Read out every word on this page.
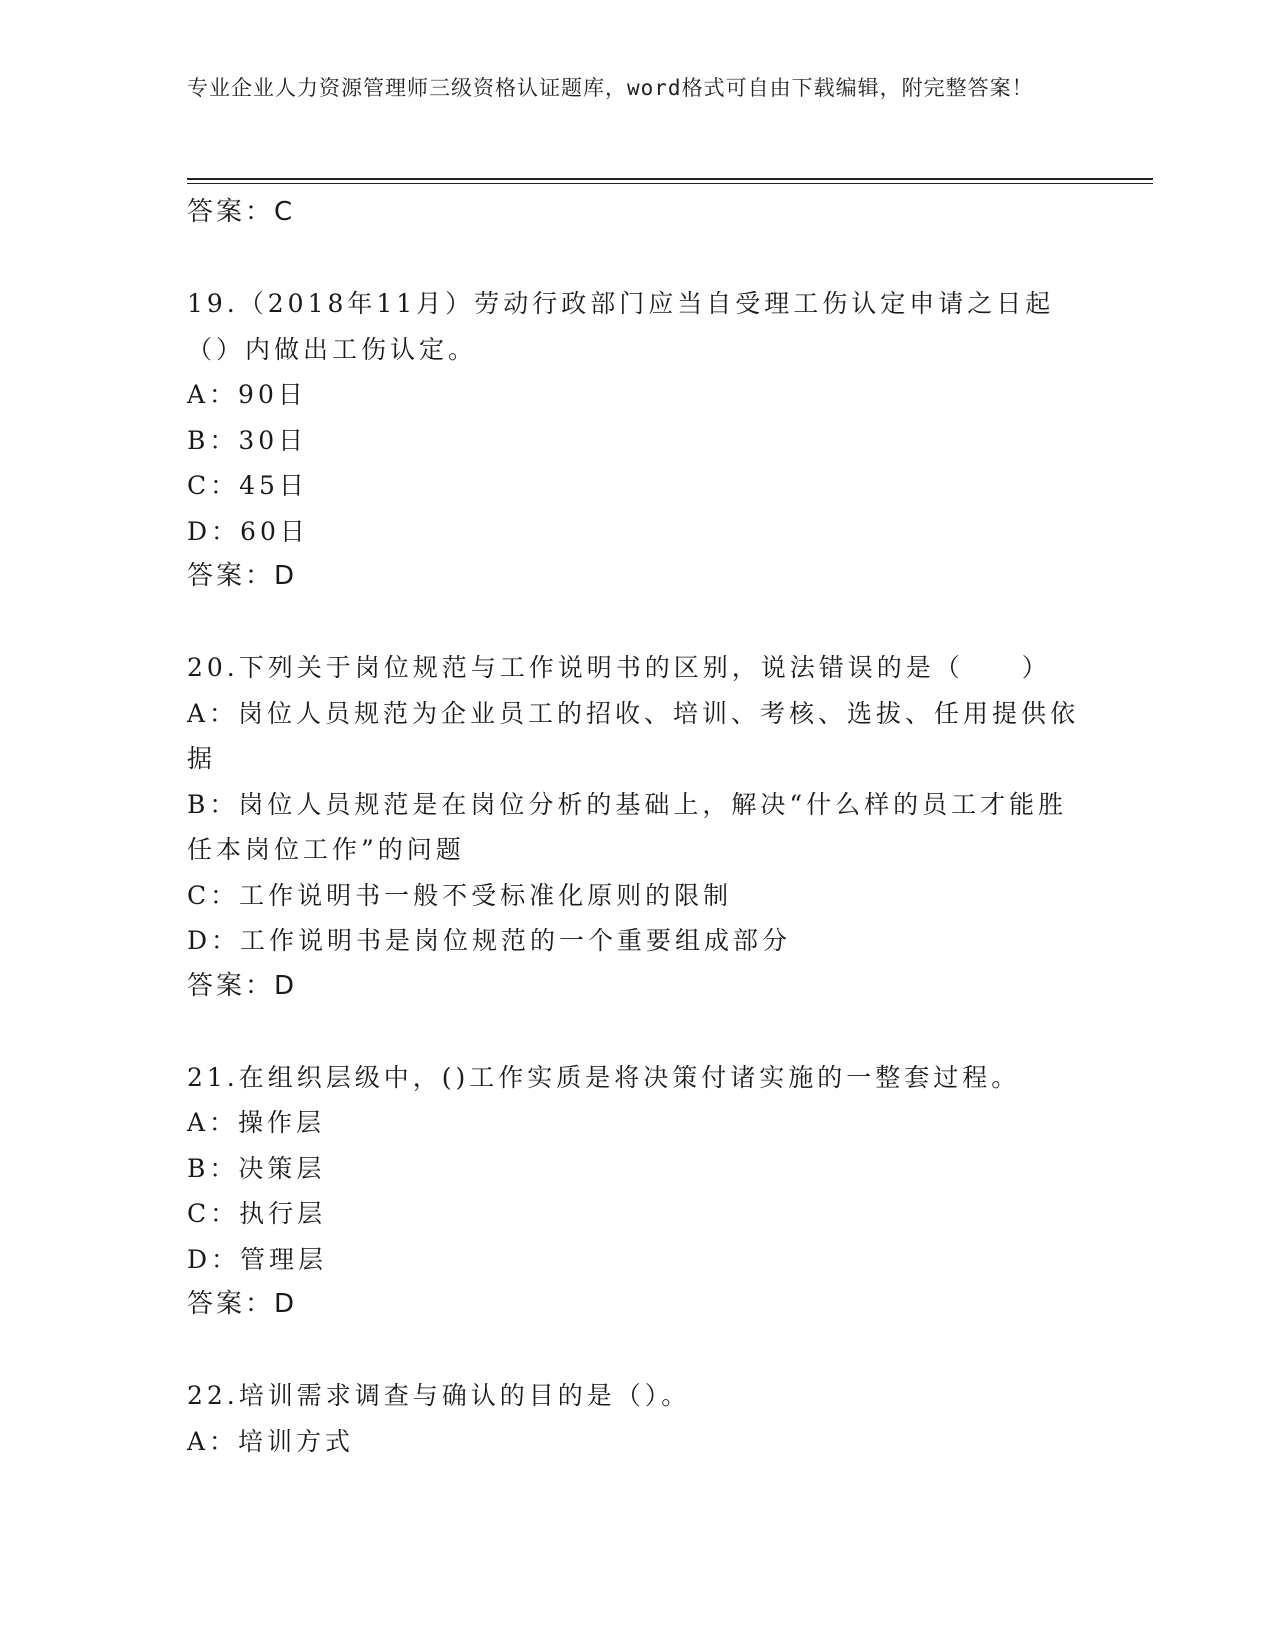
专业企业人力资源管理师三级资格认证题库，word格式可自由下载编辑，附完整答案！

答案：C

19.（2018年11月）劳动行政部门应当自受理工伤认定申请之日起（）内做出工伤认定。

A：90日

B：30日

C：45日

D：60日

答案：D

20.下列关于岗位规范与工作说明书的区别，说法错误的是（　　）

A：岗位人员规范为企业员工的招收、培训、考核、选拔、任用提供依据

B：岗位人员规范是在岗位分析的基础上，解决“什么样的员工才能胜任本岗位工作”的问题

C：工作说明书一般不受标准化原则的限制

D：工作说明书是岗位规范的一个重要组成部分

答案：D

21.在组织层级中，()工作实质是将决策付诸实施的一整套过程。

A：操作层

B：决策层

C：执行层

D：管理层

答案：D

22.培训需求调查与确认的目的是（）。

A：培训方式
